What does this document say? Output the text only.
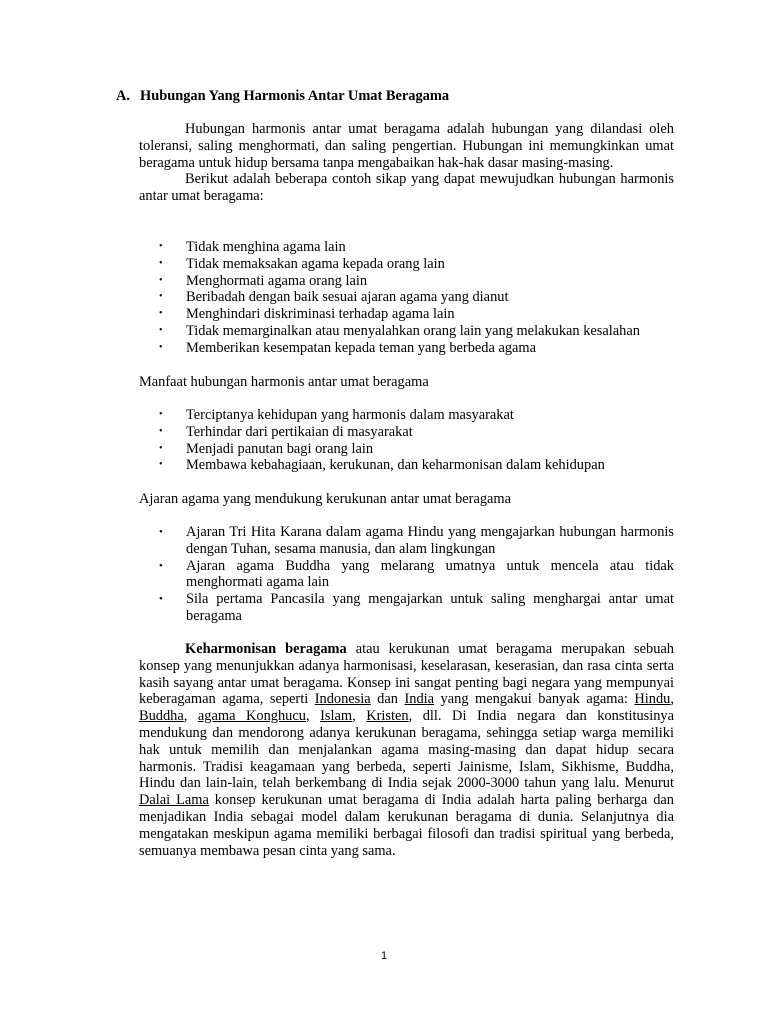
A. Hubungan Yang Harmonis Antar Umat Beragama

Hubungan harmonis antar umat beragama adalah hubungan yang dilandasi oleh toleransi, saling menghormati, dan saling pengertian. Hubungan ini memungkinkan umat beragama untuk hidup bersama tanpa mengabaikan hak-hak dasar masing-masing.

Berikut adalah beberapa contoh sikap yang dapat mewujudkan hubungan harmonis antar umat beragama:

• Tidak menghina agama lain
• Tidak memaksakan agama kepada orang lain
• Menghormati agama orang lain
• Beribadah dengan baik sesuai ajaran agama yang dianut
• Menghindari diskriminasi terhadap agama lain
• Tidak memarginalkan atau menyalahkan orang lain yang melakukan kesalahan
• Memberikan kesempatan kepada teman yang berbeda agama

Manfaat hubungan harmonis antar umat beragama

• Terciptanya kehidupan yang harmonis dalam masyarakat
• Terhindar dari pertikaian di masyarakat
• Menjadi panutan bagi orang lain
• Membawa kebahagiaan, kerukunan, dan keharmonisan dalam kehidupan

Ajaran agama yang mendukung kerukunan antar umat beragama

• Ajaran Tri Hita Karana dalam agama Hindu yang mengajarkan hubungan harmonis dengan Tuhan, sesama manusia, dan alam lingkungan
• Ajaran agama Buddha yang melarang umatnya untuk mencela atau tidak menghormati agama lain
• Sila pertama Pancasila yang mengajarkan untuk saling menghargai antar umat beragama

Keharmonisan beragama atau kerukunan umat beragama merupakan sebuah konsep yang menunjukkan adanya harmonisasi, keselarasan, keserasian, dan rasa cinta serta kasih sayang antar umat beragama. Konsep ini sangat penting bagi negara yang mempunyai keberagaman agama, seperti Indonesia dan India yang mengakui banyak agama: Hindu, Buddha, agama Konghucu, Islam, Kristen, dll. Di India negara dan konstitusinya mendukung dan mendorong adanya kerukunan beragama, sehingga setiap warga memiliki hak untuk memilih dan menjalankan agama masing-masing dan dapat hidup secara harmonis. Tradisi keagamaan yang berbeda, seperti Jainisme, Islam, Sikhisme, Buddha, Hindu dan lain-lain, telah berkembang di India sejak 2000-3000 tahun yang lalu. Menurut Dalai Lama konsep kerukunan umat beragama di India adalah harta paling berharga dan menjadikan India sebagai model dalam kerukunan beragama di dunia. Selanjutnya dia mengatakan meskipun agama memiliki berbagai filosofi dan tradisi spiritual yang berbeda, semuanya membawa pesan cinta yang sama.

1
